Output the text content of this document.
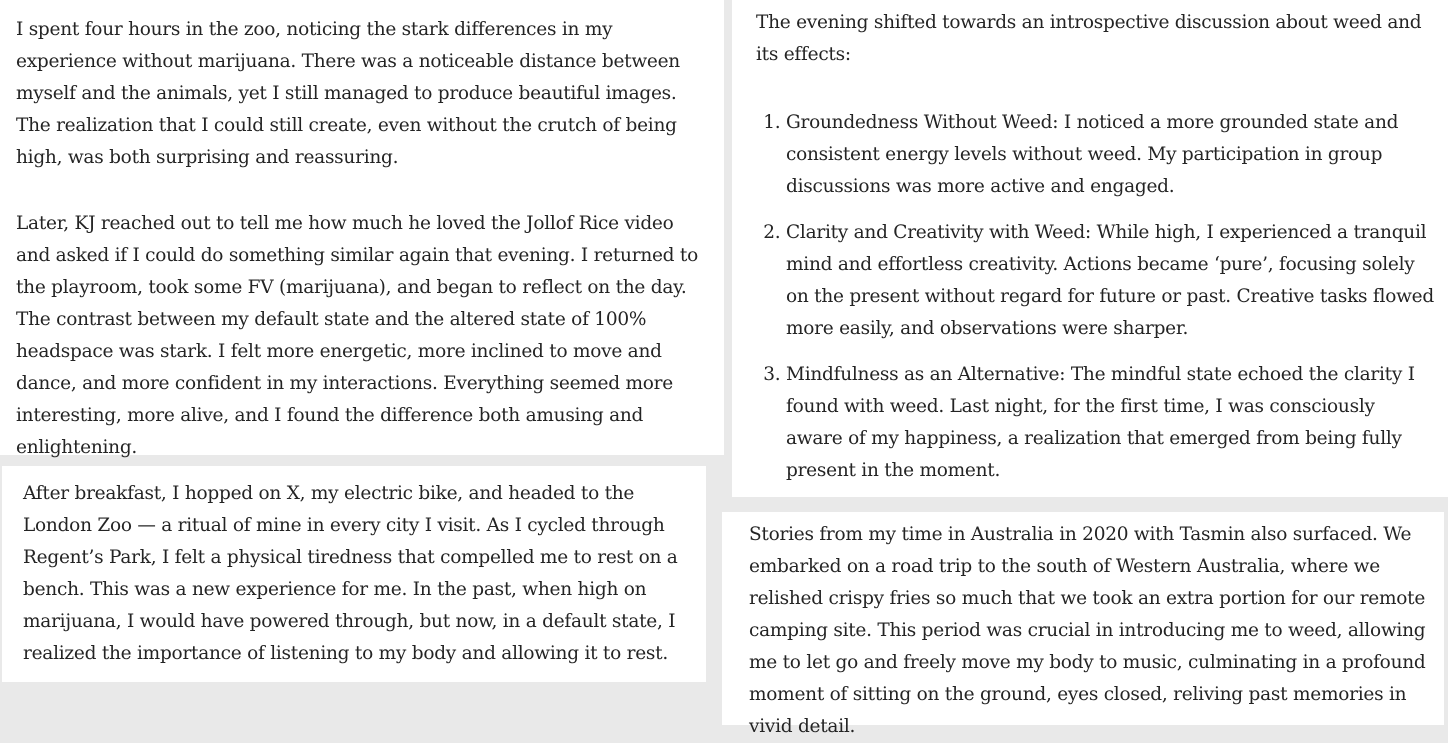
I spent four hours in the zoo, noticing the stark differences in my experience without marijuana. There was a noticeable distance between myself and the animals, yet I still managed to produce beautiful images. The realization that I could still create, even without the crutch of being high, was both surprising and reassuring.

Later, KJ reached out to tell me how much he loved the Jollof Rice video and asked if I could do something similar again that evening. I returned to the playroom, took some FV (marijuana), and began to reflect on the day. The contrast between my default state and the altered state of 100% headspace was stark. I felt more energetic, more inclined to move and dance, and more confident in my interactions. Everything seemed more interesting, more alive, and I found the difference both amusing and enlightening.

After breakfast, I hopped on X, my electric bike, and headed to the London Zoo — a ritual of mine in every city I visit. As I cycled through Regent’s Park, I felt a physical tiredness that compelled me to rest on a bench. This was a new experience for me. In the past, when high on marijuana, I would have powered through, but now, in a default state, I realized the importance of listening to my body and allowing it to rest.

The evening shifted towards an introspective discussion about weed and its effects:

1. Groundedness Without Weed: I noticed a more grounded state and consistent energy levels without weed. My participation in group discussions was more active and engaged.
2. Clarity and Creativity with Weed: While high, I experienced a tranquil mind and effortless creativity. Actions became ‘pure’, focusing solely on the present without regard for future or past. Creative tasks flowed more easily, and observations were sharper.
3. Mindfulness as an Alternative: The mindful state echoed the clarity I found with weed. Last night, for the first time, I was consciously aware of my happiness, a realization that emerged from being fully present in the moment.

Stories from my time in Australia in 2020 with Tasmin also surfaced. We embarked on a road trip to the south of Western Australia, where we relished crispy fries so much that we took an extra portion for our remote camping site. This period was crucial in introducing me to weed, allowing me to let go and freely move my body to music, culminating in a profound moment of sitting on the ground, eyes closed, reliving past memories in vivid detail.
